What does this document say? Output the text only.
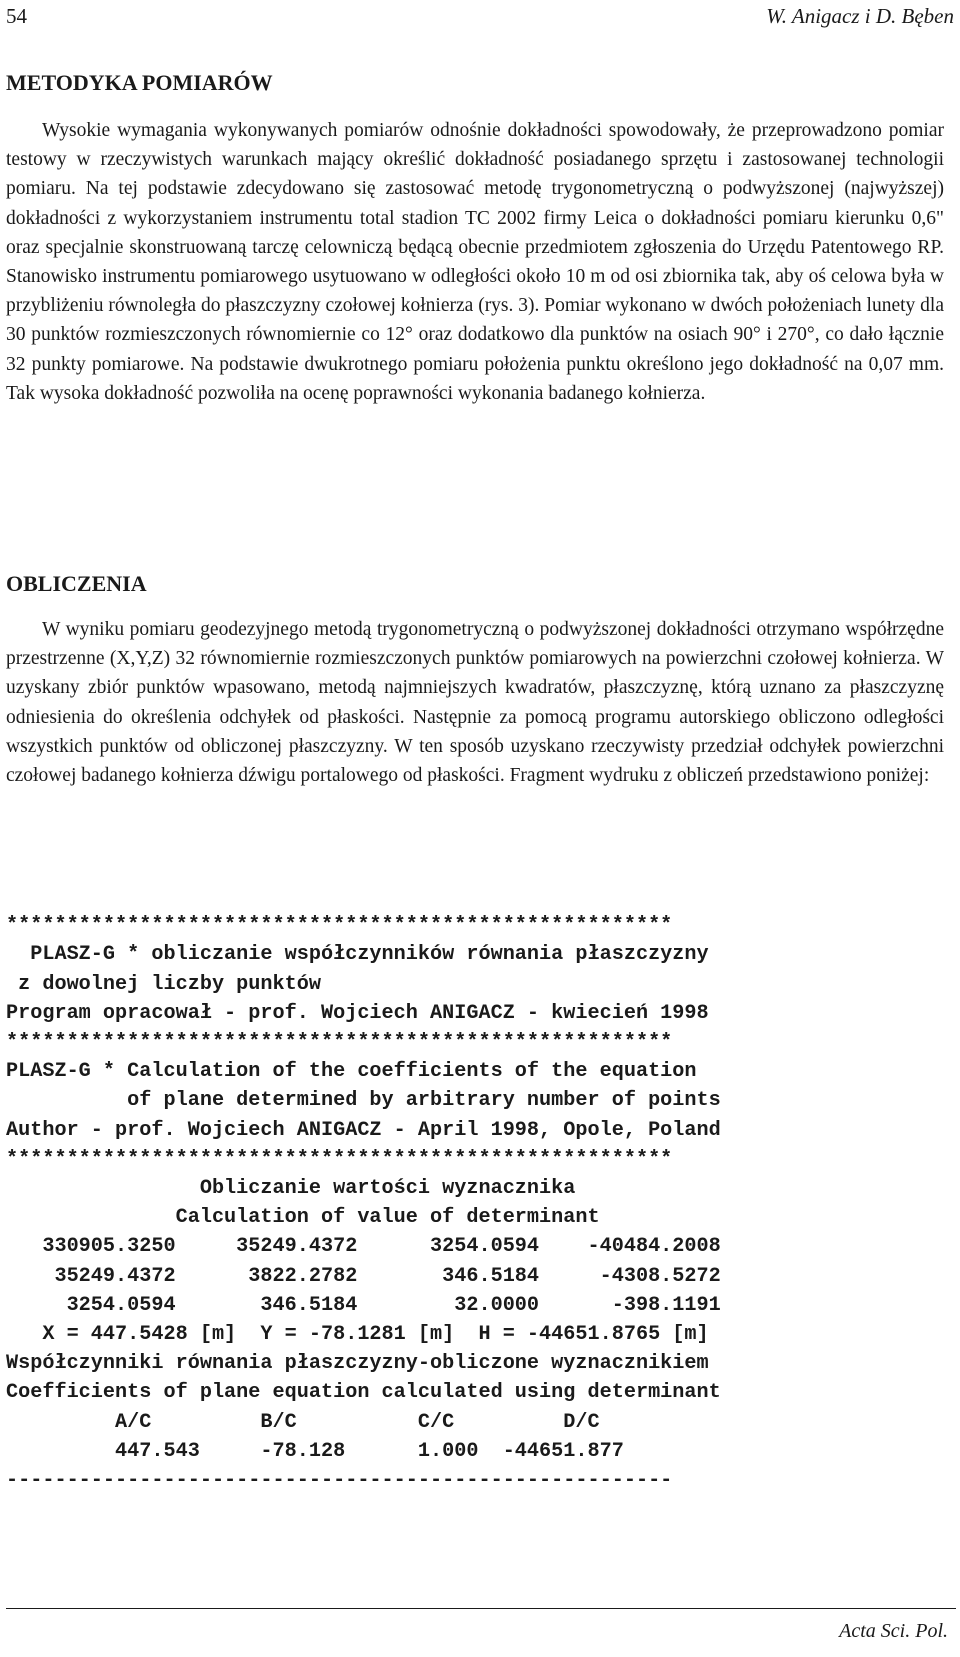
54	W. Anigacz i D. Bęben
METODYKA POMIARÓW

Wysokie wymagania wykonywanych pomiarów odnośnie dokładności spowodowały, że przeprowadzono pomiar testowy w rzeczywistych warunkach mający określić dokładność posiadanego sprzętu i zastosowanej technologii pomiaru. Na tej podstawie zdecydowano się zastosować metodę trygonometryczną o podwyższonej (najwyższej) dokładności z wykorzystaniem instrumentu total stadion TC 2002 firmy Leica o dokładności pomiaru kierunku 0,6" oraz specjalnie skonstruowaną tarczę celowniczą będącą obecnie przedmiotem zgłoszenia do Urzędu Patentowego RP. Stanowisko instrumentu pomiarowego usytuowano w odległości około 10 m od osi zbiornika tak, aby oś celowa była w przybliżeniu równoległa do płaszczyzny czołowej kołnierza (rys. 3). Pomiar wykonano w dwóch położeniach lunety dla 30 punktów rozmieszczonych równomiernie co 12° oraz dodatkowo dla punktów na osiach 90° i 270°, co dało łącznie 32 punkty pomiarowe. Na podstawie dwukrotnego pomiaru położenia punktu określono jego dokładność na 0,07 mm. Tak wysoka dokładność pozwoliła na ocenę poprawności wykonania badanego kołnierza.

OBLICZENIA

W wyniku pomiaru geodezyjnego metodą trygonometryczną o podwyższonej dokładności otrzymano współrzędne przestrzenne (X,Y,Z) 32 równomiernie rozmieszczonych punktów pomiarowych na powierzchni czołowej kołnierza. W uzyskany zbiór punktów wpasowano, metodą najmniejszych kwadratów, płaszczyznę, którą uznano za płaszczyznę odniesienia do określenia odchyłek od płaskości. Następnie za pomocą programu autorskiego obliczono odległości wszystkich punktów od obliczonej płaszczyzny. W ten sposób uzyskano rzeczywisty przedział odchyłek powierzchni czołowej badanego kołnierza dźwigu portalowego od płaskości. Fragment wydruku z obliczeń przedstawiono poniżej:

*******************************************************
PLASZ-G * obliczanie współczynników równania płaszczyzny
z dowolnej liczby punktów
Program opracował - prof. Wojciech ANIGACZ - kwiecień 1998
*******************************************************
PLASZ-G * Calculation of the coefficients of the equation
of plane determined by arbitrary number of points
Author - prof. Wojciech ANIGACZ - April 1998, Opole, Poland
*******************************************************
Obliczanie wartości wyznacznika
Calculation of value of determinant
330905.3250     35249.4372      3254.0594    -40484.2008
35249.4372      3822.2782       346.5184     -4308.5272
3254.0594       346.5184        32.0000      -398.1191
X = 447.5428 [m]  Y = -78.1281 [m]  H = -44651.8765 [m]
Współczynniki równania płaszczyzny-obliczone wyznacznikiem
Coefficients of plane equation calculated using determinant
A/C         B/C          C/C         D/C
447.543     -78.128      1.000  -44651.877
-------------------------------------------------------

Acta Sci. Pol.
